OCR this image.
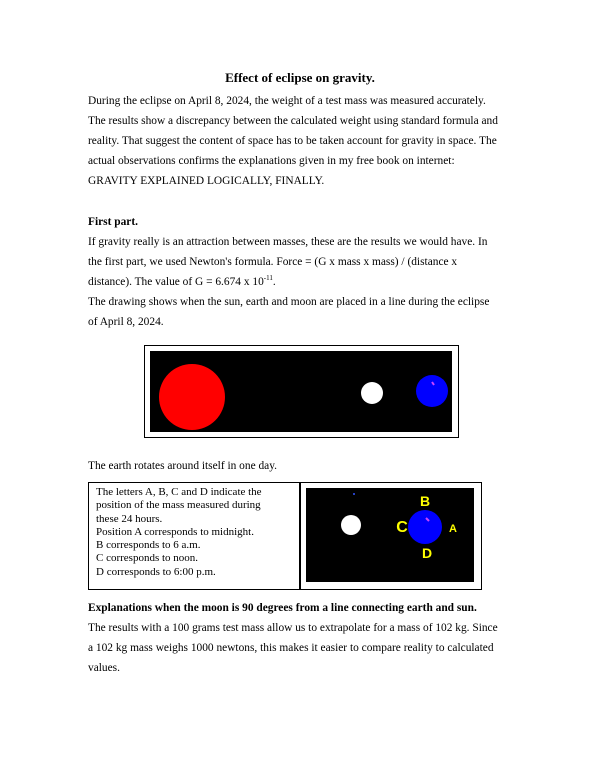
Effect of eclipse on gravity.

During the eclipse on April 8, 2024, the weight of a test mass was measured accurately.

The results show a discrepancy between the calculated weight using standard formula and

reality. That suggest the content of space has to be taken account for gravity in space. The

actual observations confirms the explanations given in my free book on internet:

GRAVITY EXPLAINED LOGICALLY, FINALLY.

First part.

If gravity really is an attraction between masses, these are the results we would have. In

the first part, we used Newton's formula. Force = (G x mass x mass) / (distance x

distance). The value of G = 6.674 x $10^{-11}$.

The drawing shows when the sun, earth and moon are placed in a line during the eclipse

of April 8, 2024.

The earth rotates around itself in one day.
The letters A, B, C and D indicate the
position of the mass measured during
these 24 hours.
Position A corresponds to midnight.
B corresponds to 6 a.m.
C corresponds to noon.
D corresponds to 6:00 p.m.
B
C	A
D

Explanations when the moon is 90 degrees from a line connecting earth and sun.

The results with a 100 grams test mass allow us to extrapolate for a mass of 102 kg. Since

a 102 kg mass weighs 1000 newtons, this makes it easier to compare reality to calculated

values.
